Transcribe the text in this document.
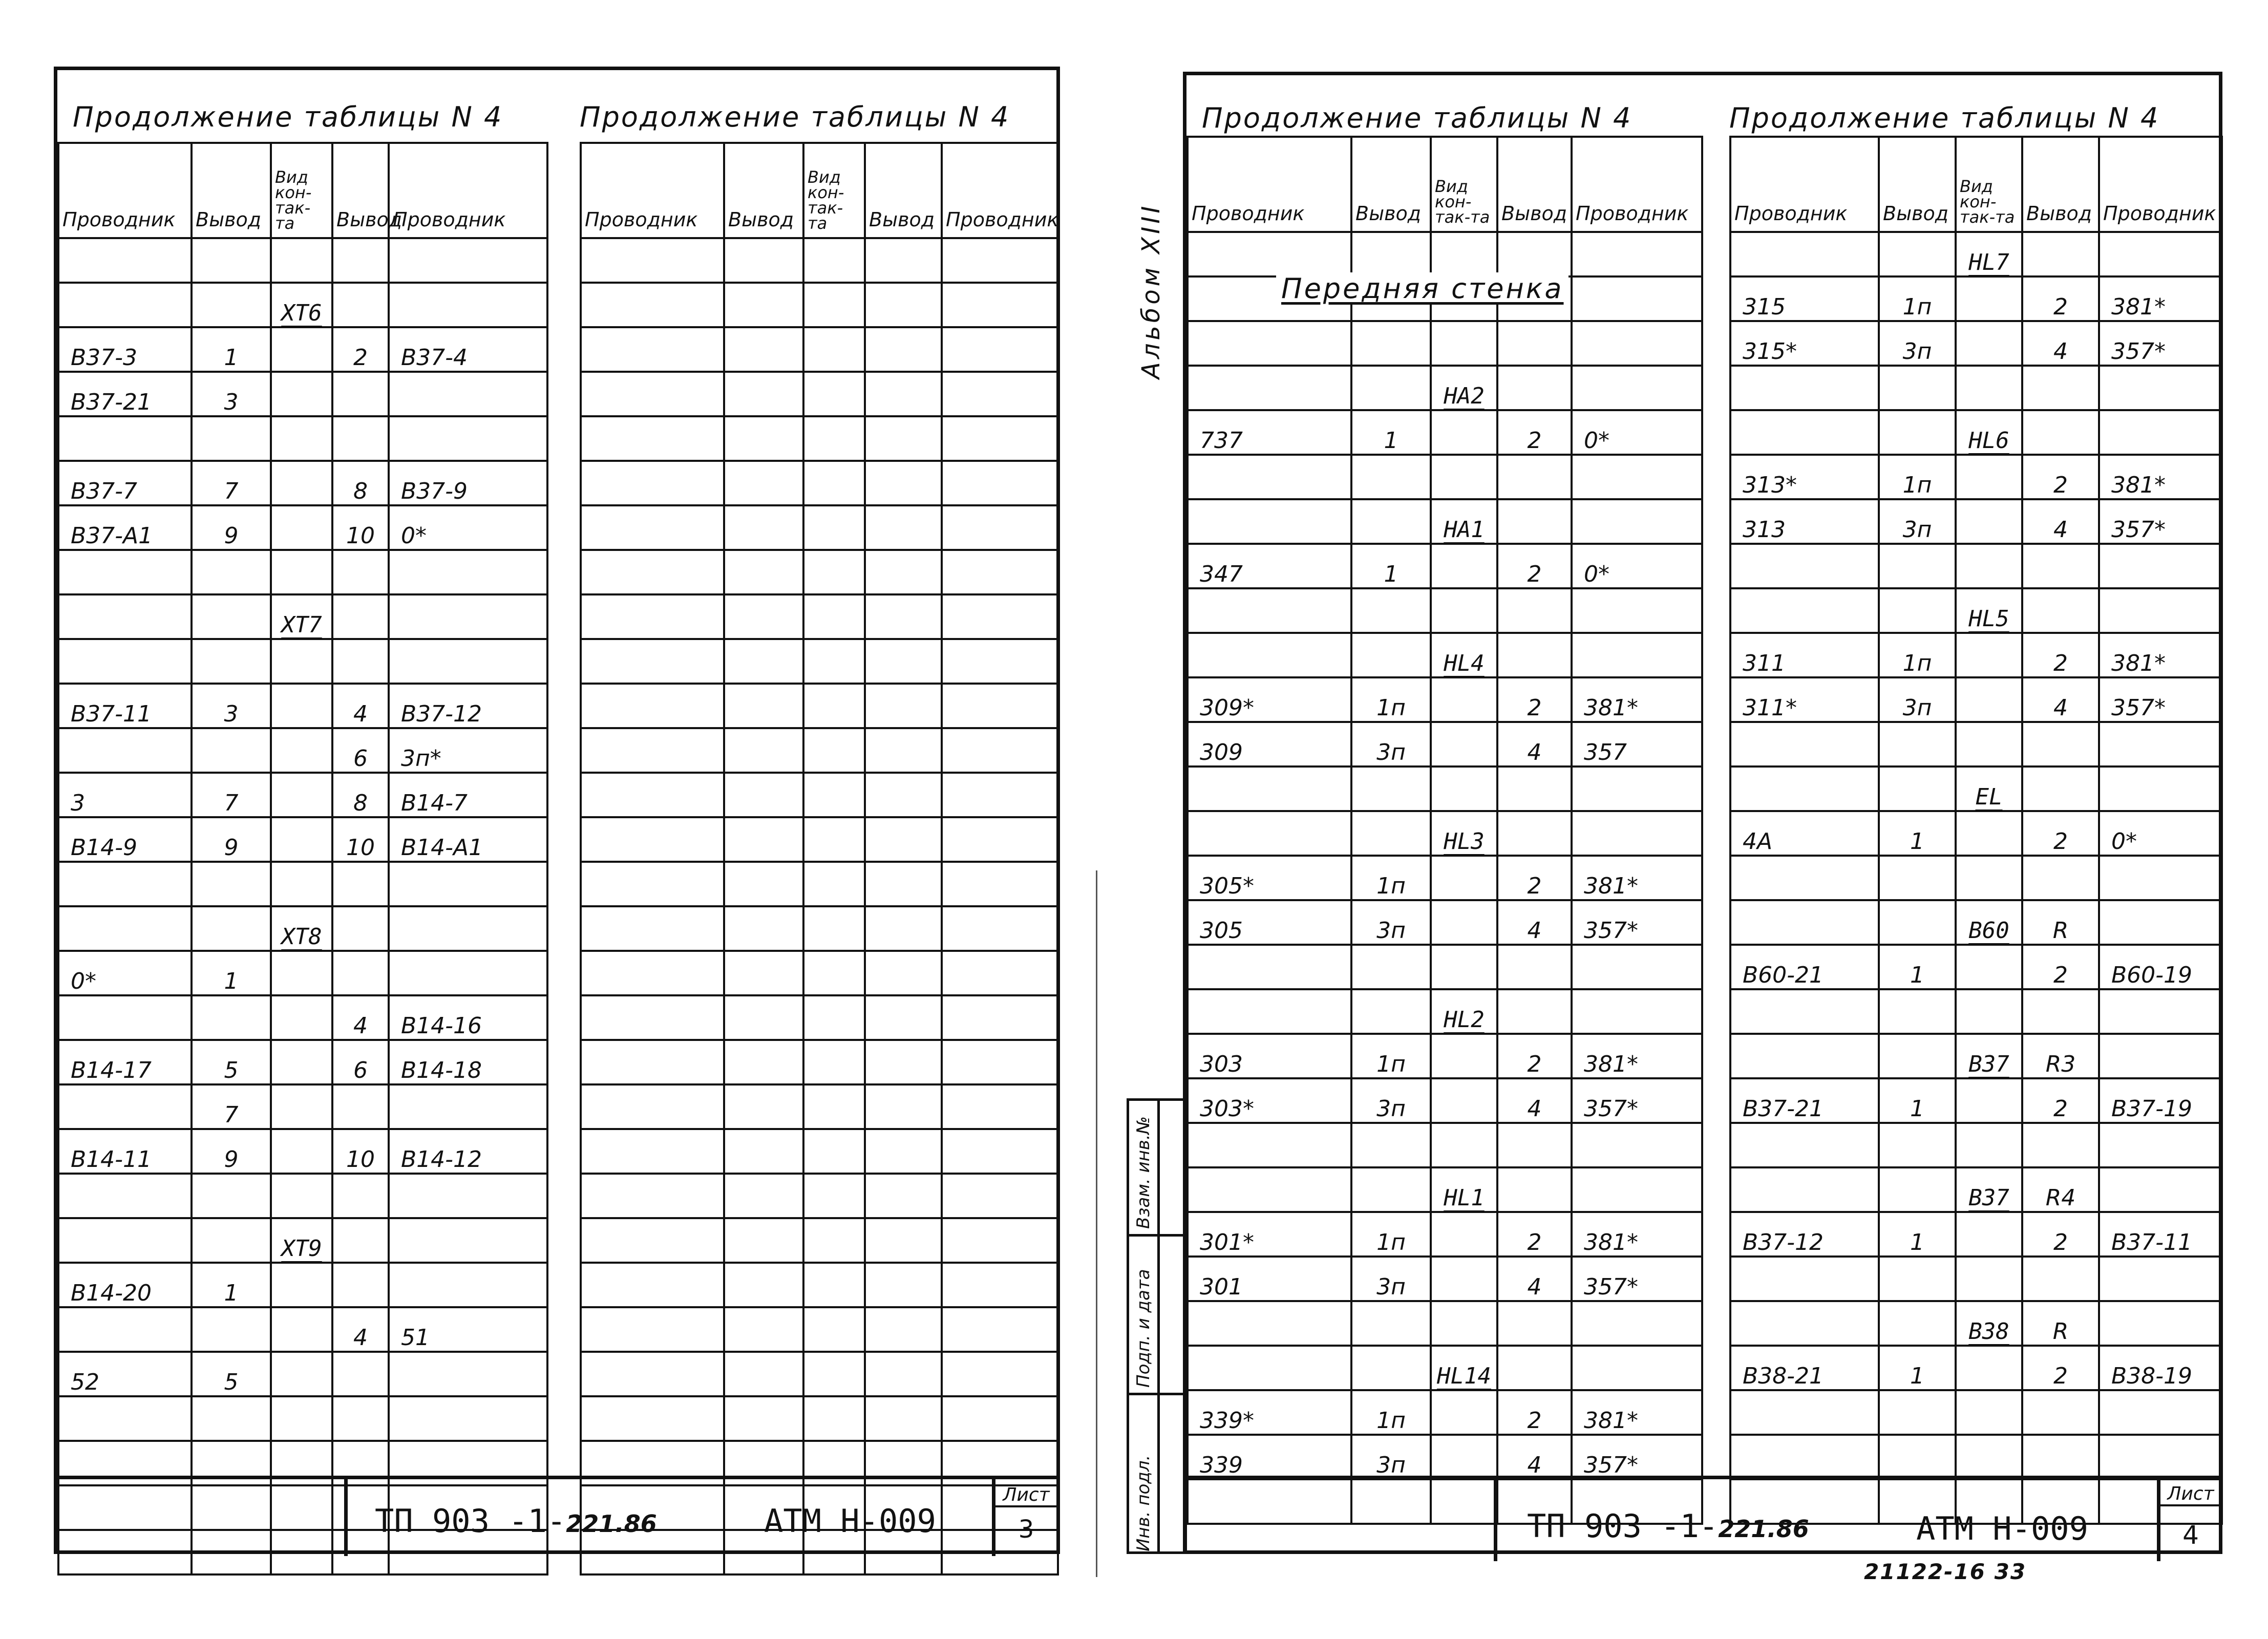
Продолжение таблицы N 4	Продолжение таблицы N 4
Проводник	Вывод	Вид кон-так-та	Вывод	Проводник

		XT6		
B37-3	1		2	B37-4
B37-21	3			

B37-7	7		8	B37-9
B37-A1	9		10	0*

		XT7		

B37-11	3		4	B37-12
			6	3п*
3	7		8	B14-7
B14-9	9		10	B14-A1

		XT8		
0*	1			
			4	B14-16
B14-17	5		6	B14-18
	7			
B14-11	9		10	B14-12

		XT9		
B14-20	1			
			4	51
52	5			

Проводник	Вывод	Вид кон-так-та	Вывод	Проводник

ТП 903 -1-221.86	АТМ Н-009
Лист
3
Продолжение таблицы N 4	Продолжение таблицы N 4
Проводник	Вывод	Вид кон-так-та	Вывод	Проводник

		HA2		
737	1		2	0*

		HA1		
347	1		2	0*

		HL4		
309*	1п		2	381*
309	3п		4	357

		HL3		
305*	1п		2	381*
305	3п		4	357*

		HL2		
303	1п		2	381*
303*	3п		4	357*

		HL1		
301*	1п		2	381*
301	3п		4	357*

		HL14		
339*	1п		2	381*
339	3п		4	357*

Передняя стенка
Проводник	Вывод	Вид кон-так-та	Вывод	Проводник
		HL7		
315	1п		2	381*
315*	3п		4	357*

		HL6		
313*	1п		2	381*
313	3п		4	357*

		HL5		
311	1п		2	381*
311*	3п		4	357*

		EL		
4A	1		2	0*

		B60	R	
B60-21	1		2	B60-19

		B37	R3	
B37-21	1		2	B37-19

		B37	R4	
B37-12	1		2	B37-11

		B38	R	
B38-21	1		2	B38-19

ТП 903 -1-221.86	АТМ Н-009
Лист
4
Альбом XIII
Взам. инв.№
Подп. и дата
Инв. подл.
21122-16 33
